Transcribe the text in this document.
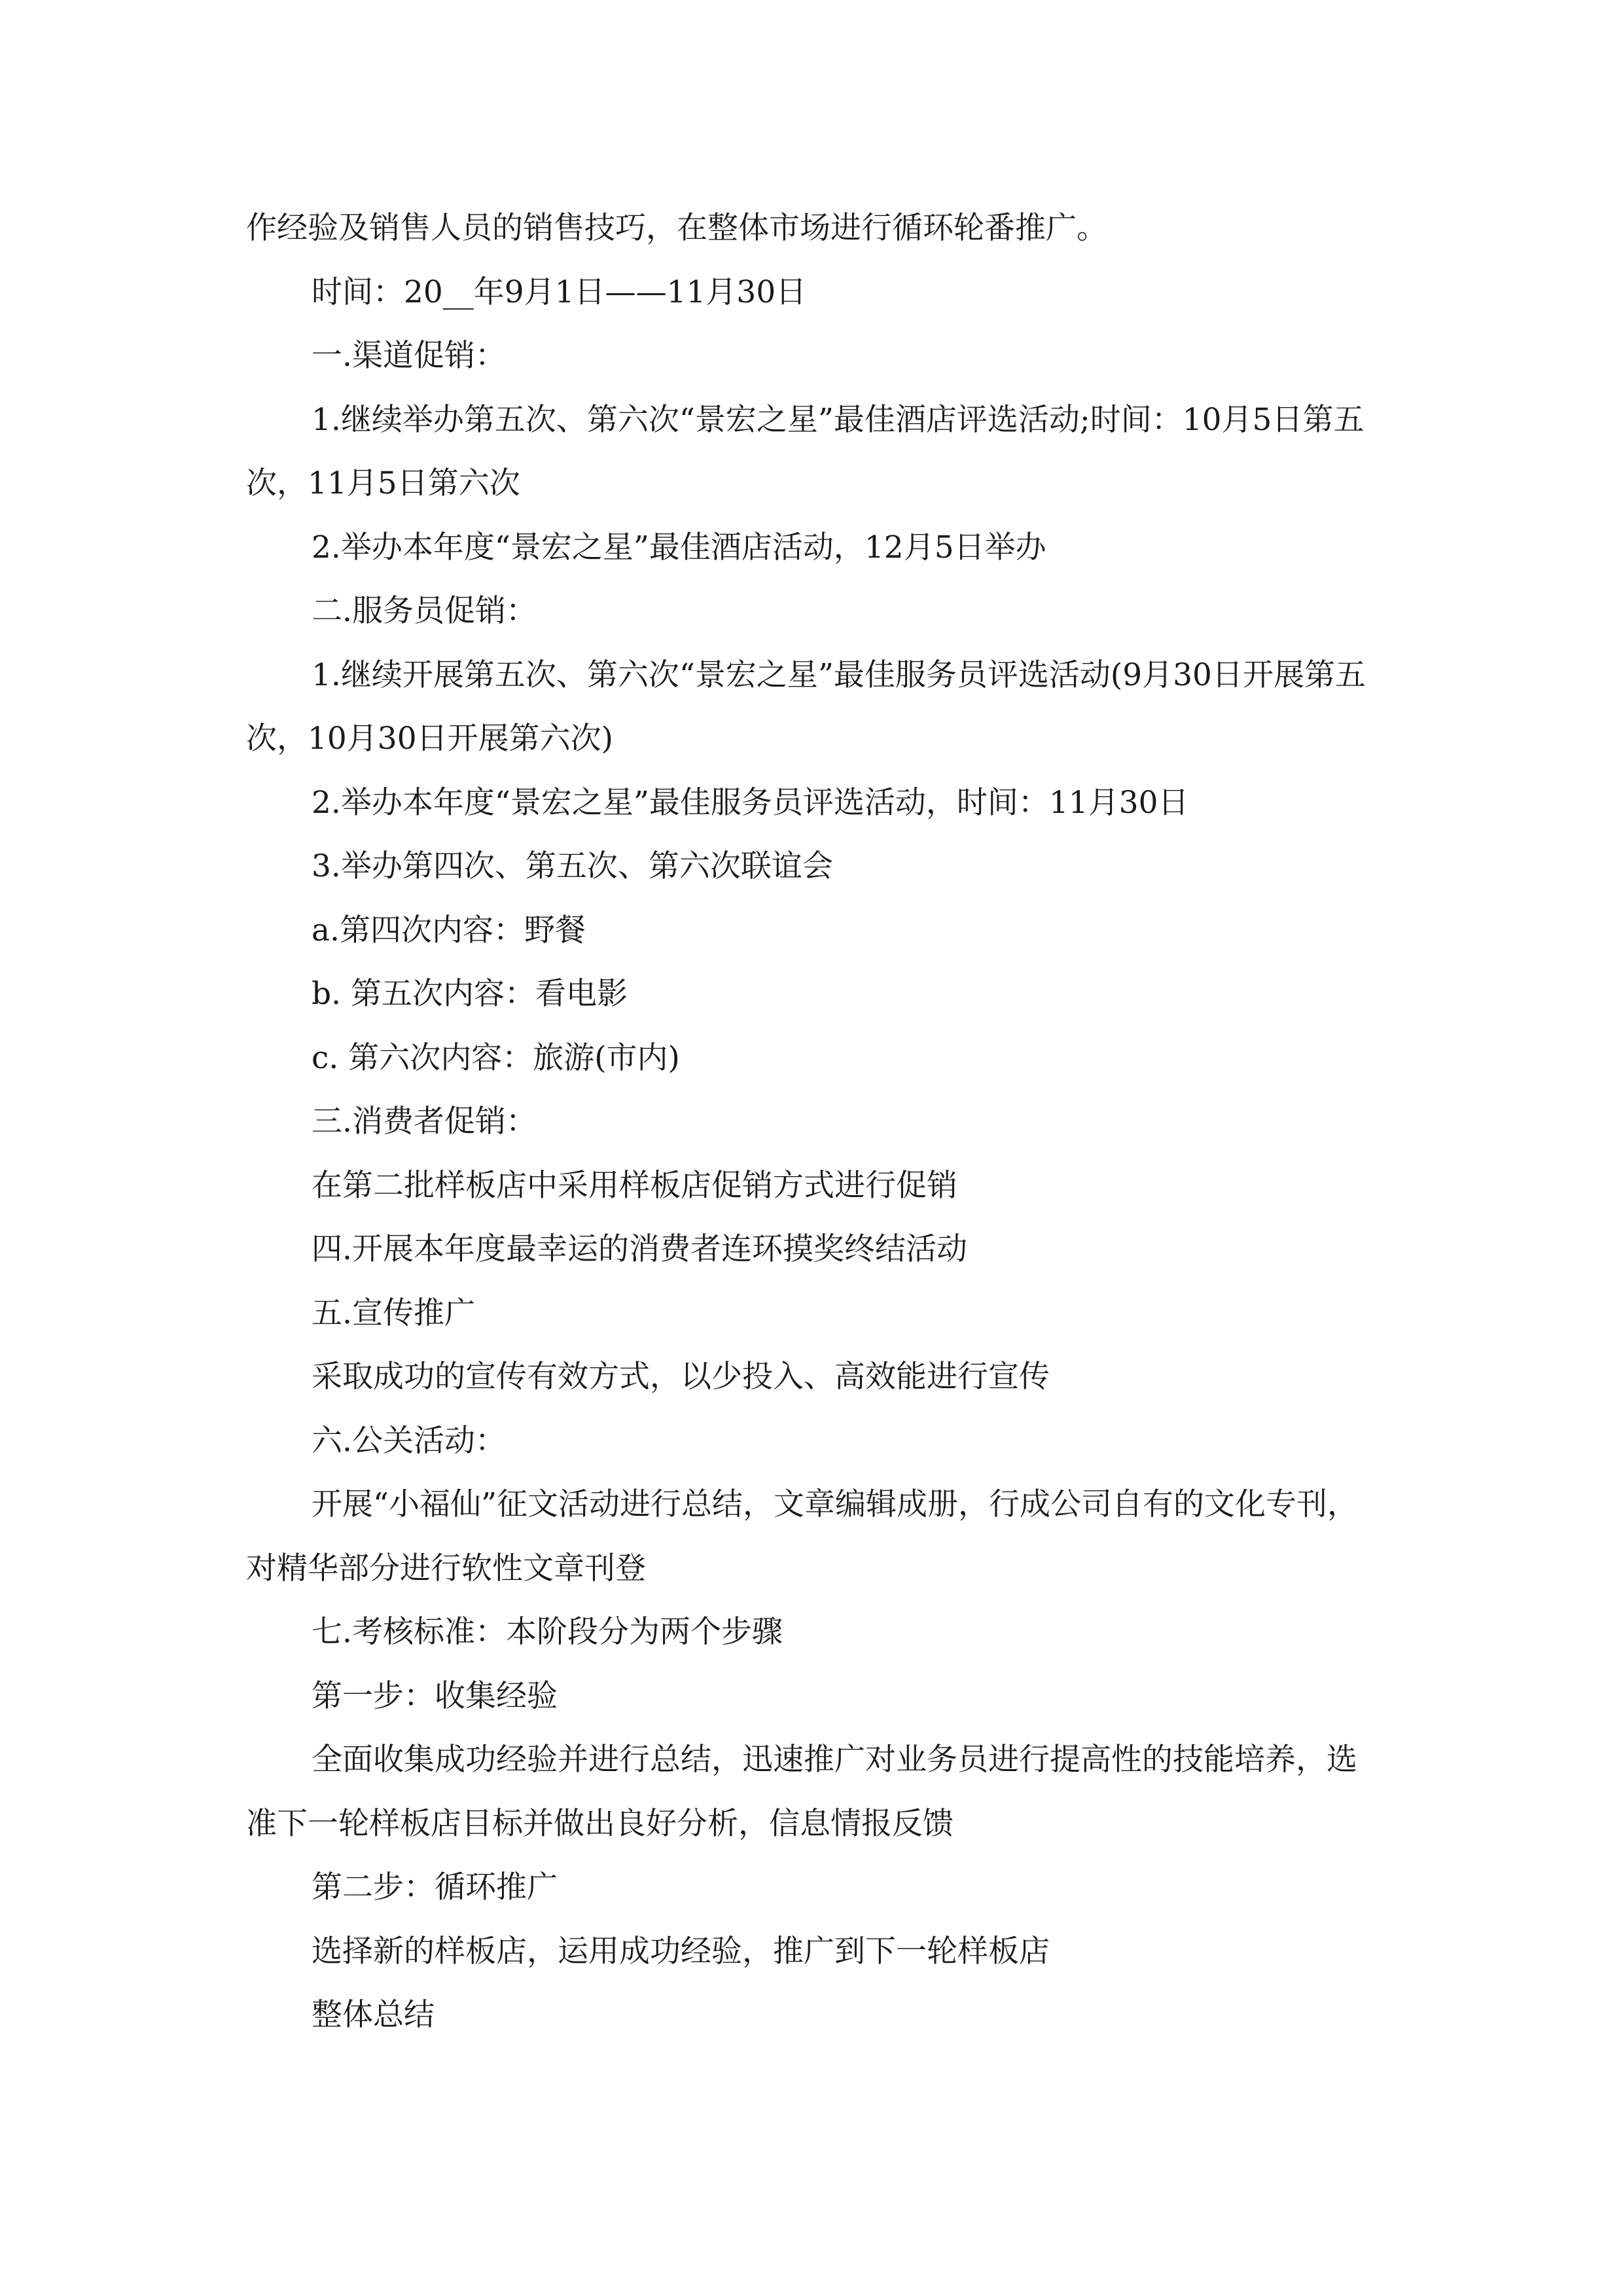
作经验及销售人员的销售技巧，在整体市场进行循环轮番推广。

时间：20__年9月1日——11月30日

一.渠道促销：

1.继续举办第五次、第六次“景宏之星”最佳酒店评选活动;时间：10月5日第五次，11月5日第六次

2.举办本年度“景宏之星”最佳酒店活动，12月5日举办

二.服务员促销：

1.继续开展第五次、第六次“景宏之星”最佳服务员评选活动(9月30日开展第五次，10月30日开展第六次)

2.举办本年度“景宏之星”最佳服务员评选活动，时间：11月30日

3.举办第四次、第五次、第六次联谊会

a.第四次内容：野餐

b. 第五次内容：看电影

c. 第六次内容：旅游(市内)

三.消费者促销：

在第二批样板店中采用样板店促销方式进行促销

四.开展本年度最幸运的消费者连环摸奖终结活动

五.宣传推广

采取成功的宣传有效方式，以少投入、高效能进行宣传

六.公关活动：

开展“小福仙”征文活动进行总结，文章编辑成册，行成公司自有的文化专刊，对精华部分进行软性文章刊登

七.考核标准：本阶段分为两个步骤

第一步：收集经验

全面收集成功经验并进行总结，迅速推广对业务员进行提高性的技能培养，选准下一轮样板店目标并做出良好分析，信息情报反馈

第二步：循环推广

选择新的样板店，运用成功经验，推广到下一轮样板店

整体总结
